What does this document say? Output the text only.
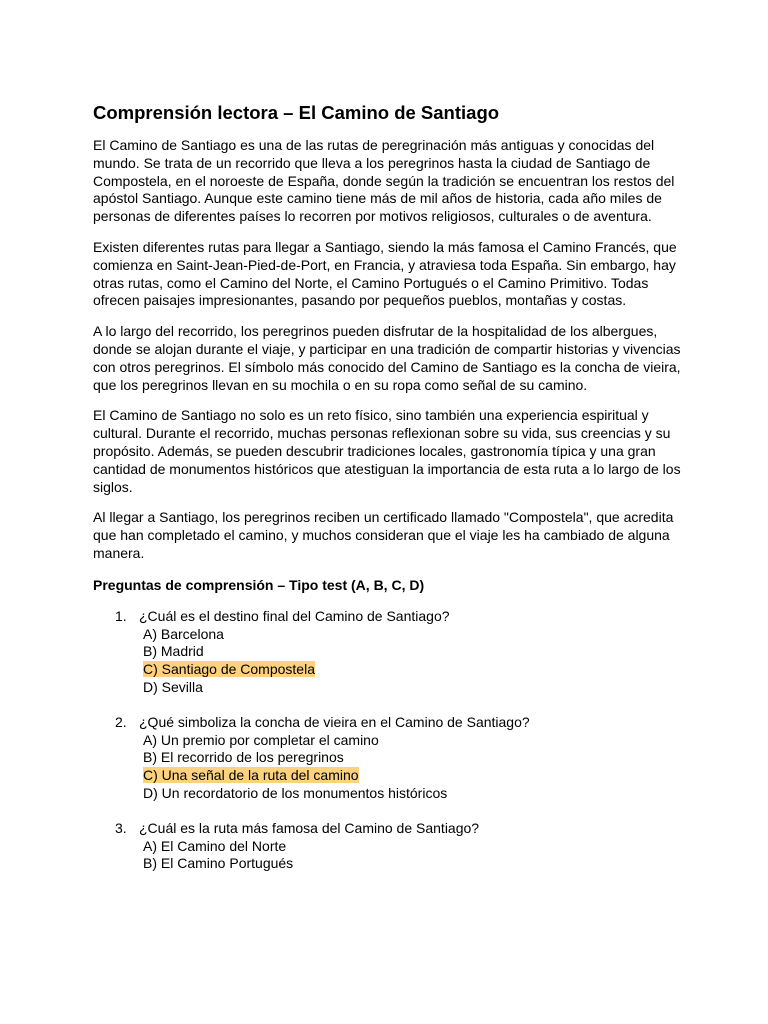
Comprensión lectora – El Camino de Santiago

El Camino de Santiago es una de las rutas de peregrinación más antiguas y conocidas del mundo. Se trata de un recorrido que lleva a los peregrinos hasta la ciudad de Santiago de Compostela, en el noroeste de España, donde según la tradición se encuentran los restos del apóstol Santiago. Aunque este camino tiene más de mil años de historia, cada año miles de personas de diferentes países lo recorren por motivos religiosos, culturales o de aventura.

Existen diferentes rutas para llegar a Santiago, siendo la más famosa el Camino Francés, que comienza en Saint-Jean-Pied-de-Port, en Francia, y atraviesa toda España. Sin embargo, hay otras rutas, como el Camino del Norte, el Camino Portugués o el Camino Primitivo. Todas ofrecen paisajes impresionantes, pasando por pequeños pueblos, montañas y costas.

A lo largo del recorrido, los peregrinos pueden disfrutar de la hospitalidad de los albergues, donde se alojan durante el viaje, y participar en una tradición de compartir historias y vivencias con otros peregrinos. El símbolo más conocido del Camino de Santiago es la concha de vieira, que los peregrinos llevan en su mochila o en su ropa como señal de su camino.

El Camino de Santiago no solo es un reto físico, sino también una experiencia espiritual y cultural. Durante el recorrido, muchas personas reflexionan sobre su vida, sus creencias y su propósito. Además, se pueden descubrir tradiciones locales, gastronomía típica y una gran cantidad de monumentos históricos que atestiguan la importancia de esta ruta a lo largo de los siglos.

Al llegar a Santiago, los peregrinos reciben un certificado llamado "Compostela", que acredita que han completado el camino, y muchos consideran que el viaje les ha cambiado de alguna manera.

Preguntas de comprensión – Tipo test (A, B, C, D)
1. ¿Cuál es el destino final del Camino de Santiago?
A) Barcelona
B) Madrid
C) Santiago de Compostela
D) Sevilla
2. ¿Qué simboliza la concha de vieira en el Camino de Santiago?
A) Un premio por completar el camino
B) El recorrido de los peregrinos
C) Una señal de la ruta del camino
D) Un recordatorio de los monumentos históricos
3. ¿Cuál es la ruta más famosa del Camino de Santiago?
A) El Camino del Norte
B) El Camino Portugués
